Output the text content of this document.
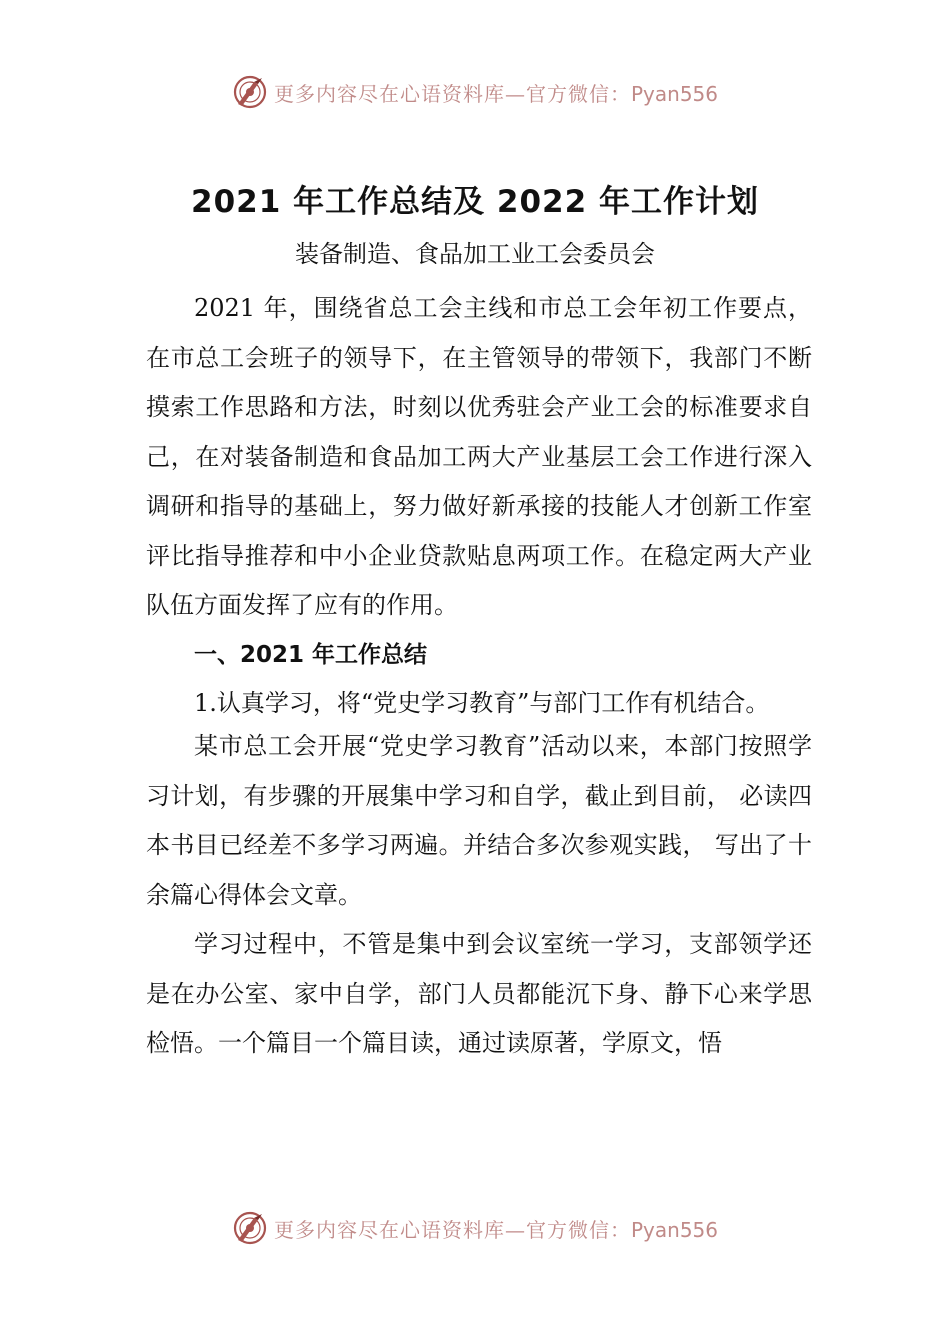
更多内容尽在心语资料库—官方微信：Pyan556
2021 年工作总结及 2022 年工作计划
装备制造、食品加工业工会委员会

2021 年，围绕省总工会主线和市总工会年初工作要点，在市总工会班子的领导下，在主管领导的带领下，我部门不断摸索工作思路和方法，时刻以优秀驻会产业工会的标准要求自己，在对装备制造和食品加工两大产业基层工会工作进行深入调研和指导的基础上，努力做好新承接的技能人才创新工作室评比指导推荐和中小企业贷款贴息两项工作。在稳定两大产业队伍方面发挥了应有的作用。

一、2021 年工作总结

1.认真学习，将“党史学习教育”与部门工作有机结合。

某市总工会开展“党史学习教育”活动以来，本部门按照学习计划，有步骤的开展集中学习和自学，截止到目前， 必读四本书目已经差不多学习两遍。并结合多次参观实践， 写出了十余篇心得体会文章。

学习过程中，不管是集中到会议室统一学习，支部领学还是在办公室、家中自学，部门人员都能沉下身、静下心来学思检悟。一个篇目一个篇目读，通过读原著，学原文，悟

更多内容尽在心语资料库—官方微信：Pyan556
